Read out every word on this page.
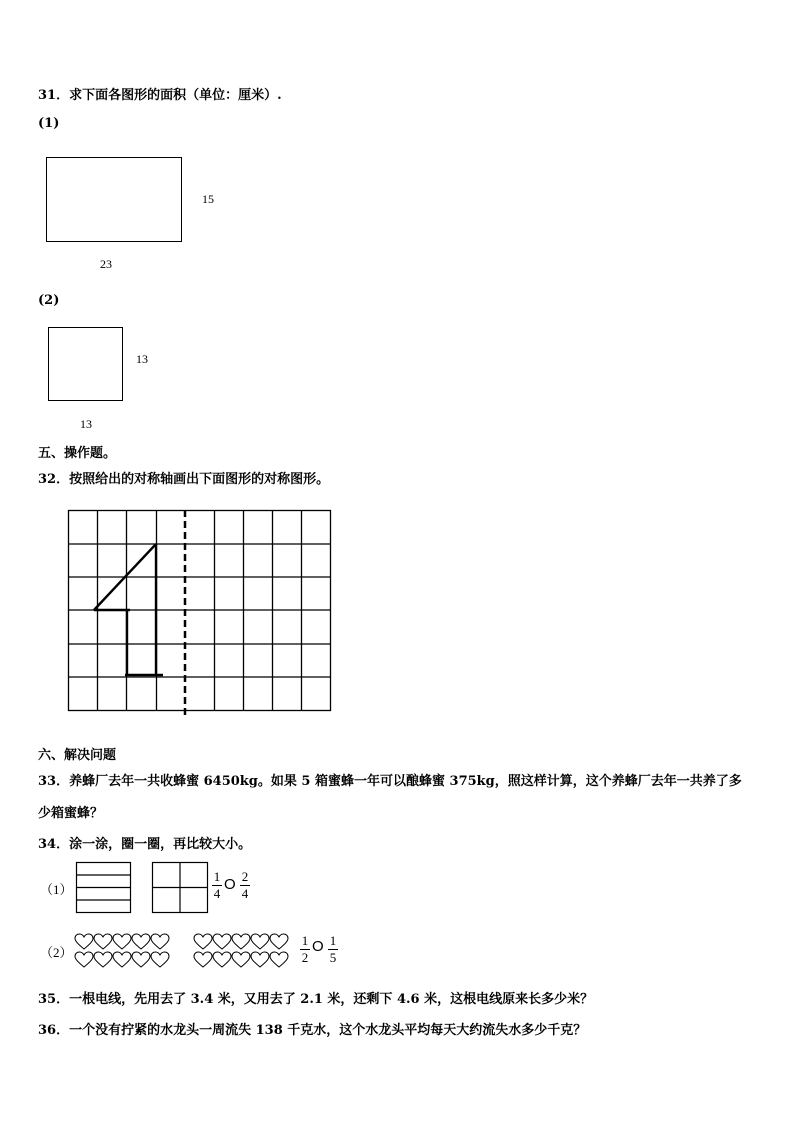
31．求下面各图形的面积（单位：厘米）.
(1)
15
23
(2)
13
13
五、操作题。
32．按照给出的对称轴画出下面图形的对称图形。
六、解决问题
33．养蜂厂去年一共收蜂蜜 6450kg。如果 5 箱蜜蜂一年可以酿蜂蜜 375kg，照这样计算，这个养蜂厂去年一共养了多
少箱蜜蜂？
34．涂一涂，圈一圈，再比较大小。
（1）
1
4
O 2
4
（2）
1
2
O 1
5
35．一根电线，先用去了 3.4 米，又用去了 2.1 米，还剩下 4.6 米，这根电线原来长多少米？
36．一个没有拧紧的水龙头一周流失 138 千克水，这个水龙头平均每天大约流失水多少千克？
